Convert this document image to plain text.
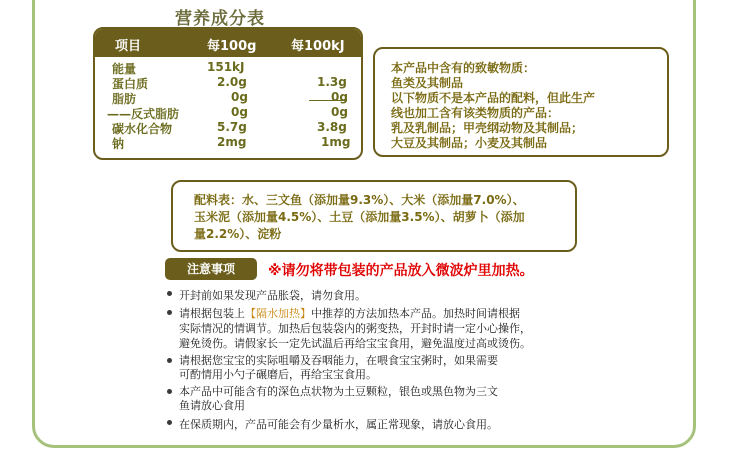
营养成分表
项目	每100g	每100kJ
能量	151kJ
蛋白质	2.0g	1.3g
脂肪	0g	0g
——反式脂肪	0g	0g
碳水化合物	5.7g	3.8g
钠	2mg	1mg
本产品中含有的致敏物质：
鱼类及其制品
以下物质不是本产品的配料，但此生产
线也加工含有该类物质的产品：
乳及乳制品；甲壳纲动物及其制品；
大豆及其制品；小麦及其制品
配料表：水、三文鱼（添加量9.3%）、大米（添加量7.0%）、
玉米泥（添加量4.5%）、土豆（添加量3.5%）、胡萝卜（添加
量2.2%）、淀粉
注意事项	※请勿将带包装的产品放入微波炉里加热。
开封前如果发现产品胀袋，请勿食用。
请根据包装上【隔水加热】中推荐的方法加热本产品。加热时间请根据
实际情况的情调节。加热后包装袋内的粥变热，开封时请一定小心操作，
避免烫伤。请假家长一定先试温后再给宝宝食用，避免温度过高或烫伤。
请根据您宝宝的实际咀嚼及吞咽能力，在喂食宝宝粥时，如果需要
可酌情用小勺子碾磨后，再给宝宝食用。
本产品中可能含有的深色点状物为土豆颗粒，银色或黑色物为三文
鱼请放心食用
在保质期内，产品可能会有少量析水，属正常现象，请放心食用。
